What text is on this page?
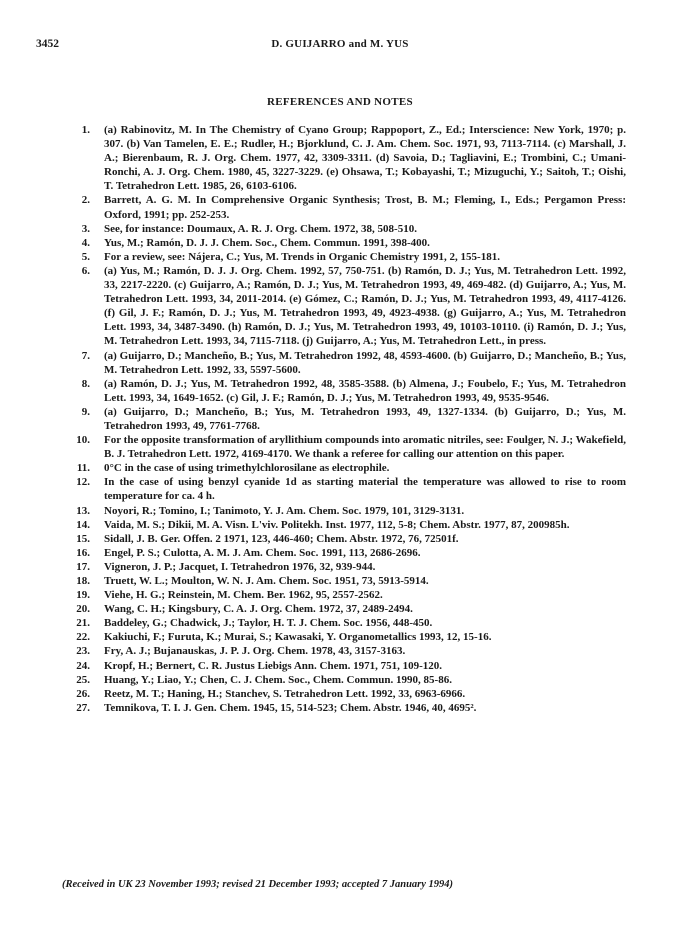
3452	D. GUIJARRO and M. YUS
REFERENCES AND NOTES
1. (a) Rabinovitz, M. In The Chemistry of Cyano Group; Rappoport, Z., Ed.; Interscience: New York, 1970; p. 307. (b) Van Tamelen, E. E.; Rudler, H.; Bjorklund, C. J. Am. Chem. Soc. 1971, 93, 7113-7114. (c) Marshall, J. A.; Bierenbaum, R. J. Org. Chem. 1977, 42, 3309-3311. (d) Savoia, D.; Tagliavini, E.; Trombini, C.; Umani-Ronchi, A. J. Org. Chem. 1980, 45, 3227-3229. (e) Ohsawa, T.; Kobayashi, T.; Mizuguchi, Y.; Saitoh, T.; Oishi, T. Tetrahedron Lett. 1985, 26, 6103-6106.
2. Barrett, A. G. M. In Comprehensive Organic Synthesis; Trost, B. M.; Fleming, I., Eds.; Pergamon Press: Oxford, 1991; pp. 252-253.
3. See, for instance: Doumaux, A. R. J. Org. Chem. 1972, 38, 508-510.
4. Yus, M.; Ramón, D. J. J. Chem. Soc., Chem. Commun. 1991, 398-400.
5. For a review, see: Nájera, C.; Yus, M. Trends in Organic Chemistry 1991, 2, 155-181.
6. (a) Yus, M.; Ramón, D. J. J. Org. Chem. 1992, 57, 750-751. (b) Ramón, D. J.; Yus, M. Tetrahedron Lett. 1992, 33, 2217-2220. (c) Guijarro, A.; Ramón, D. J.; Yus, M. Tetrahedron 1993, 49, 469-482. (d) Guijarro, A.; Yus, M. Tetrahedron Lett. 1993, 34, 2011-2014. (e) Gómez, C.; Ramón, D. J.; Yus, M. Tetrahedron 1993, 49, 4117-4126. (f) Gil, J. F.; Ramón, D. J.; Yus, M. Tetrahedron 1993, 49, 4923-4938. (g) Guijarro, A.; Yus, M. Tetrahedron Lett. 1993, 34, 3487-3490. (h) Ramón, D. J.; Yus, M. Tetrahedron 1993, 49, 10103-10110. (i) Ramón, D. J.; Yus, M. Tetrahedron Lett. 1993, 34, 7115-7118. (j) Guijarro, A.; Yus, M. Tetrahedron Lett., in press.
7. (a) Guijarro, D.; Mancheño, B.; Yus, M. Tetrahedron 1992, 48, 4593-4600. (b) Guijarro, D.; Mancheño, B.; Yus, M. Tetrahedron Lett. 1992, 33, 5597-5600.
8. (a) Ramón, D. J.; Yus, M. Tetrahedron 1992, 48, 3585-3588. (b) Almena, J.; Foubelo, F.; Yus, M. Tetrahedron Lett. 1993, 34, 1649-1652. (c) Gil, J. F.; Ramón, D. J.; Yus, M. Tetrahedron 1993, 49, 9535-9546.
9. (a) Guijarro, D.; Mancheño, B.; Yus, M. Tetrahedron 1993, 49, 1327-1334. (b) Guijarro, D.; Yus, M. Tetrahedron 1993, 49, 7761-7768.
10. For the opposite transformation of aryllithium compounds into aromatic nitriles, see: Foulger, N. J.; Wakefield, B. J. Tetrahedron Lett. 1972, 4169-4170. We thank a referee for calling our attention on this paper.
11. 0°C in the case of using trimethylchlorosilane as electrophile.
12. In the case of using benzyl cyanide 1d as starting material the temperature was allowed to rise to room temperature for ca. 4 h.
13. Noyori, R.; Tomino, I.; Tanimoto, Y. J. Am. Chem. Soc. 1979, 101, 3129-3131.
14. Vaida, M. S.; Dikii, M. A. Visn. L'viv. Politekh. Inst. 1977, 112, 5-8; Chem. Abstr. 1977, 87, 200985h.
15. Sidall, J. B. Ger. Offen. 2 1971, 123, 446-460; Chem. Abstr. 1972, 76, 72501f.
16. Engel, P. S.; Culotta, A. M. J. Am. Chem. Soc. 1991, 113, 2686-2696.
17. Vigneron, J. P.; Jacquet, I. Tetrahedron 1976, 32, 939-944.
18. Truett, W. L.; Moulton, W. N. J. Am. Chem. Soc. 1951, 73, 5913-5914.
19. Viehe, H. G.; Reinstein, M. Chem. Ber. 1962, 95, 2557-2562.
20. Wang, C. H.; Kingsbury, C. A. J. Org. Chem. 1972, 37, 2489-2494.
21. Baddeley, G.; Chadwick, J.; Taylor, H. T. J. Chem. Soc. 1956, 448-450.
22. Kakiuchi, F.; Furuta, K.; Murai, S.; Kawasaki, Y. Organometallics 1993, 12, 15-16.
23. Fry, A. J.; Bujanauskas, J. P. J. Org. Chem. 1978, 43, 3157-3163.
24. Kropf, H.; Bernert, C. R. Justus Liebigs Ann. Chem. 1971, 751, 109-120.
25. Huang, Y.; Liao, Y.; Chen, C. J. Chem. Soc., Chem. Commun. 1990, 85-86.
26. Reetz, M. T.; Haning, H.; Stanchev, S. Tetrahedron Lett. 1992, 33, 6963-6966.
27. Temnikova, T. I. J. Gen. Chem. 1945, 15, 514-523; Chem. Abstr. 1946, 40, 4695².
(Received in UK 23 November 1993; revised 21 December 1993; accepted 7 January 1994)
